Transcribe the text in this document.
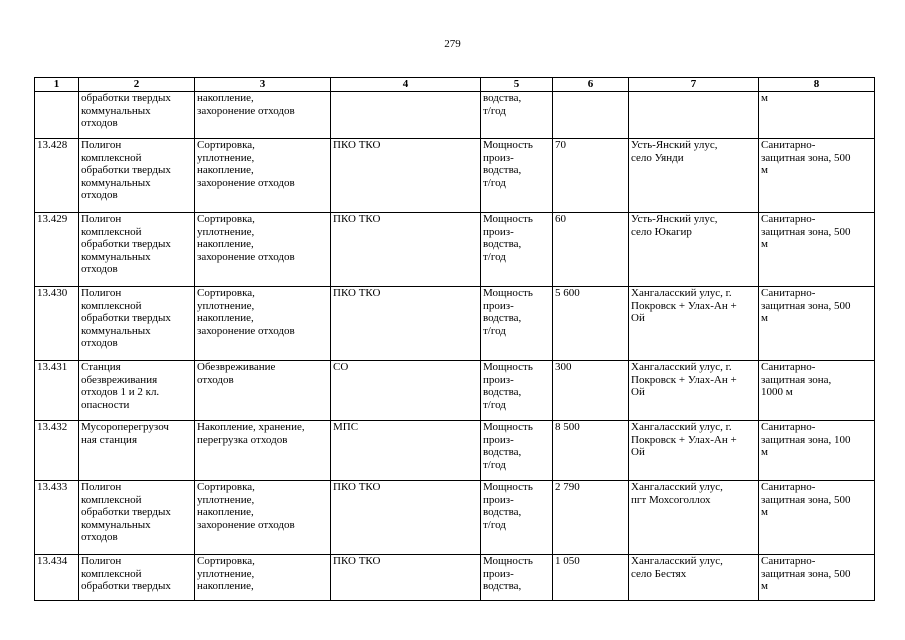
279
1	2	3	4	5	6	7	8

	обработки твердых
коммунальных
отходов	накопление,
захоронение отходов		водства,
т/год			м

13.428	Полигон
комплексной
обработки твердых
коммунальных
отходов	Сортировка,
уплотнение,
накопление,
захоронение отходов	ПКО ТКО	Мощность
произ-
водства,
т/год	70	Усть-Янский улус,
село Уянди	Санитарно-
защитная зона, 500
м

13.429	Полигон
комплексной
обработки твердых
коммунальных
отходов	Сортировка,
уплотнение,
накопление,
захоронение отходов	ПКО ТКО	Мощность
произ-
водства,
т/год	60	Усть-Янский улус,
село Юкагир	Санитарно-
защитная зона, 500
м

13.430	Полигон
комплексной
обработки твердых
коммунальных
отходов	Сортировка,
уплотнение,
накопление,
захоронение отходов	ПКО ТКО	Мощность
произ-
водства,
т/год	5 600	Хангаласский улус, г.
Покровск + Улах-Ан +
Ой	Санитарно-
защитная зона, 500
м

13.431	Станция
обезвреживания
отходов 1 и 2 кл.
опасности	Обезвреживание
отходов	СО	Мощность
произ-
водства,
т/год	300	Хангаласский улус, г.
Покровск + Улах-Ан +
Ой	Санитарно-
защитная зона,
1000 м

13.432	Мусороперегрузоч
ная станция	Накопление, хранение,
перегрузка отходов	МПС	Мощность
произ-
водства,
т/год	8 500	Хангаласский улус, г.
Покровск + Улах-Ан +
Ой	Санитарно-
защитная зона, 100
м

13.433	Полигон
комплексной
обработки твердых
коммунальных
отходов	Сортировка,
уплотнение,
накопление,
захоронение отходов	ПКО ТКО	Мощность
произ-
водства,
т/год	2 790	Хангаласский улус,
пгт Мохсоголлох	Санитарно-
защитная зона, 500
м

13.434	Полигон
комплексной
обработки твердых	Сортировка,
уплотнение,
накопление,	ПКО ТКО	Мощность
произ-
водства,	1 050	Хангаласский улус,
село Бестях	Санитарно-
защитная зона, 500
м
